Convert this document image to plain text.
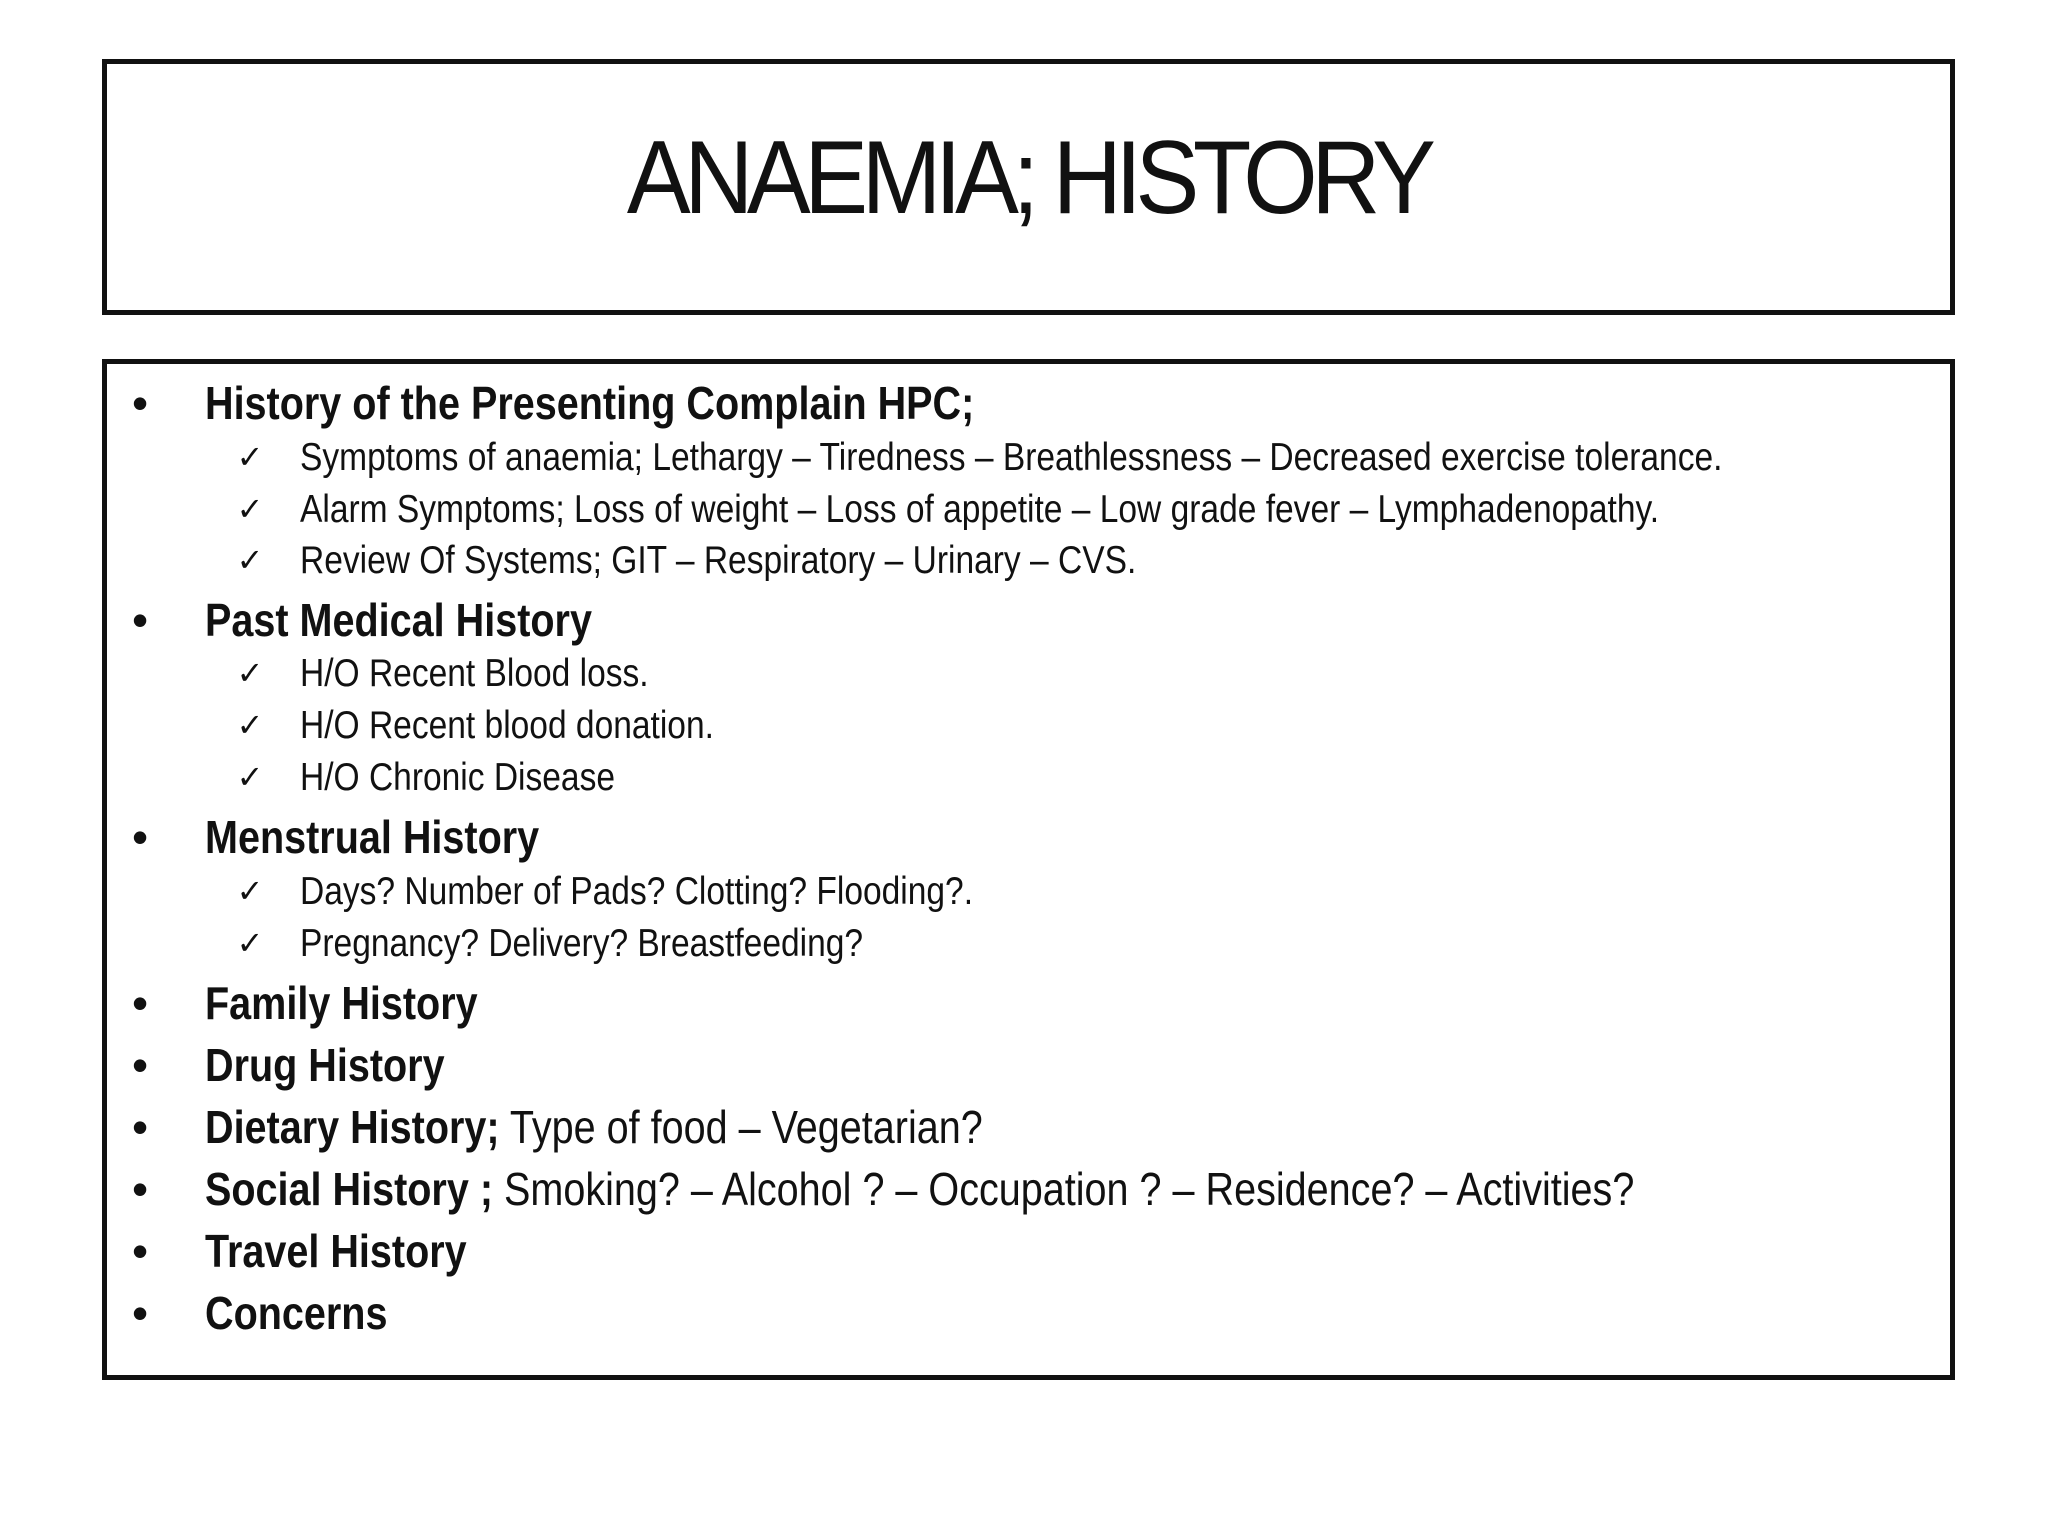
ANAEMIA; HISTORY
• History of the Presenting Complain HPC;
✓ Symptoms of anaemia; Lethargy – Tiredness – Breathlessness – Decreased exercise tolerance.
✓ Alarm Symptoms; Loss of weight – Loss of appetite – Low grade fever – Lymphadenopathy.
✓ Review Of Systems; GIT – Respiratory – Urinary – CVS.
• Past Medical History
✓ H/O Recent Blood loss.
✓ H/O Recent blood donation.
✓ H/O Chronic Disease
• Menstrual History
✓ Days? Number of Pads? Clotting? Flooding?.
✓ Pregnancy? Delivery? Breastfeeding?
• Family History
• Drug History
• Dietary History; Type of food – Vegetarian?
• Social History ; Smoking? – Alcohol ? – Occupation ? – Residence? – Activities?
• Travel History
• Concerns
